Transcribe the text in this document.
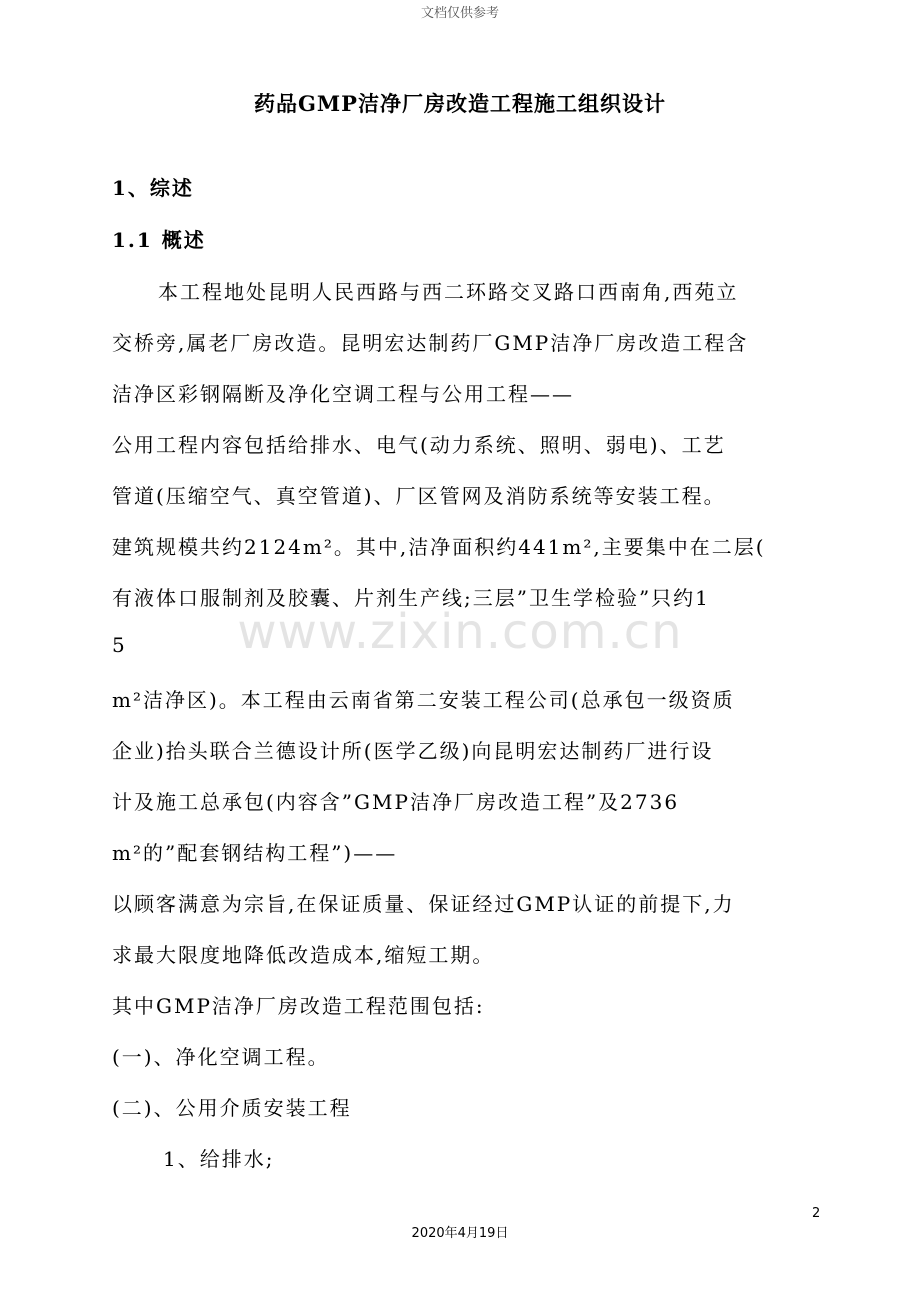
文档仅供参考
www.zixin.com.cn
药品GMP洁净厂房改造工程施工组织设计
1、综述
1.1 概述
本工程地处昆明人民西路与西二环路交叉路口西南角,西苑立
交桥旁,属老厂房改造。昆明宏达制药厂GMP洁净厂房改造工程含
洁净区彩钢隔断及净化空调工程与公用工程——
公用工程内容包括给排水、电气(动力系统、照明、弱电)、工艺
管道(压缩空气、真空管道)、厂区管网及消防系统等安装工程。
建筑规模共约2124m²。其中,洁净面积约441m²,主要集中在二层(
有液体口服制剂及胶囊、片剂生产线;三层”卫生学检验”只约1
5
m²洁净区)。本工程由云南省第二安装工程公司(总承包一级资质
企业)抬头联合兰德设计所(医学乙级)向昆明宏达制药厂进行设
计及施工总承包(内容含”GMP洁净厂房改造工程”及2736
m²的”配套钢结构工程”)——
以顾客满意为宗旨,在保证质量、保证经过GMP认证的前提下,力
求最大限度地降低改造成本,缩短工期。
其中GMP洁净厂房改造工程范围包括:
(一)、净化空调工程。
(二)、公用介质安装工程
1、给排水;
2
2020年4月19日
